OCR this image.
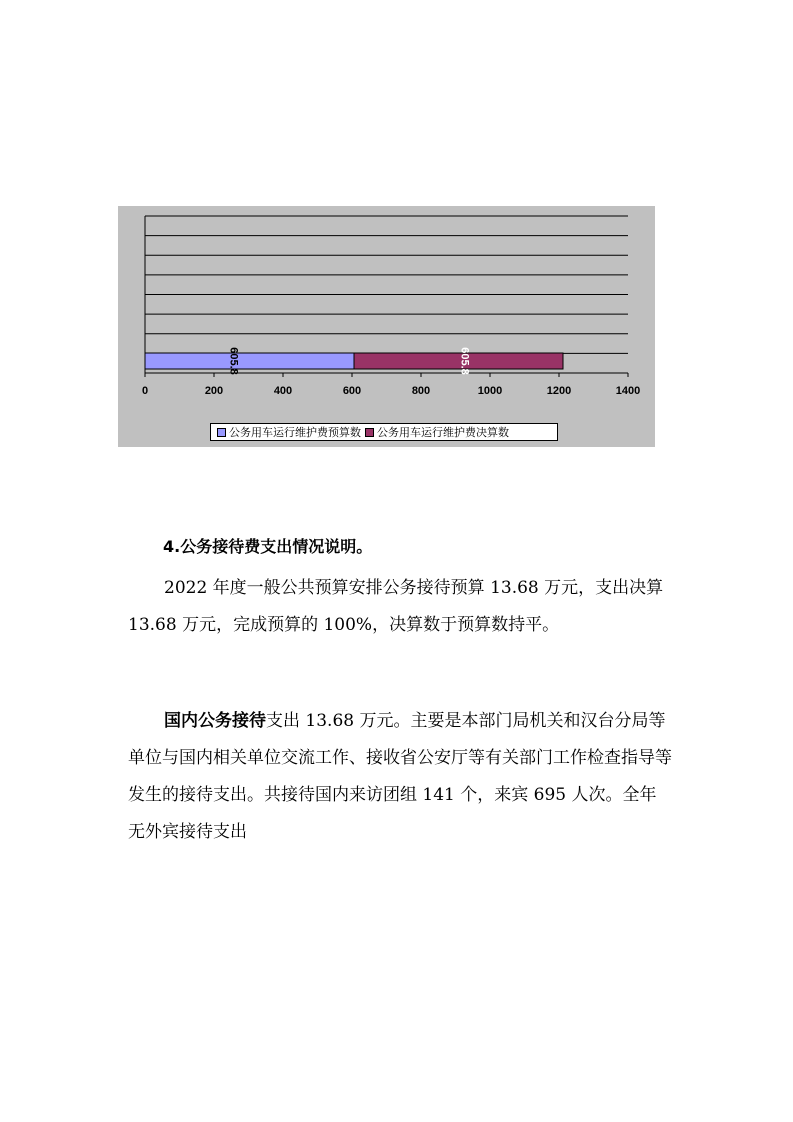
0	200	400	600	800	1000	1200	1400
605.8	605.8
公务用车运行维护费预算数 公务用车运行维护费决算数
4.公务接待费支出情况说明。
2022 年度一般公共预算安排公务接待预算 13.68 万元，支出决算 13.68 万元，完成预算的 100%，决算数于预算数持平。
国内公务接待支出 13.68 万元。主要是本部门局机关和汉台分局等单位与国内相关单位交流工作、接收省公安厅等有关部门工作检查指导等发生的接待支出。共接待国内来访团组 141 个，来宾 695 人次。全年无外宾接待支出
